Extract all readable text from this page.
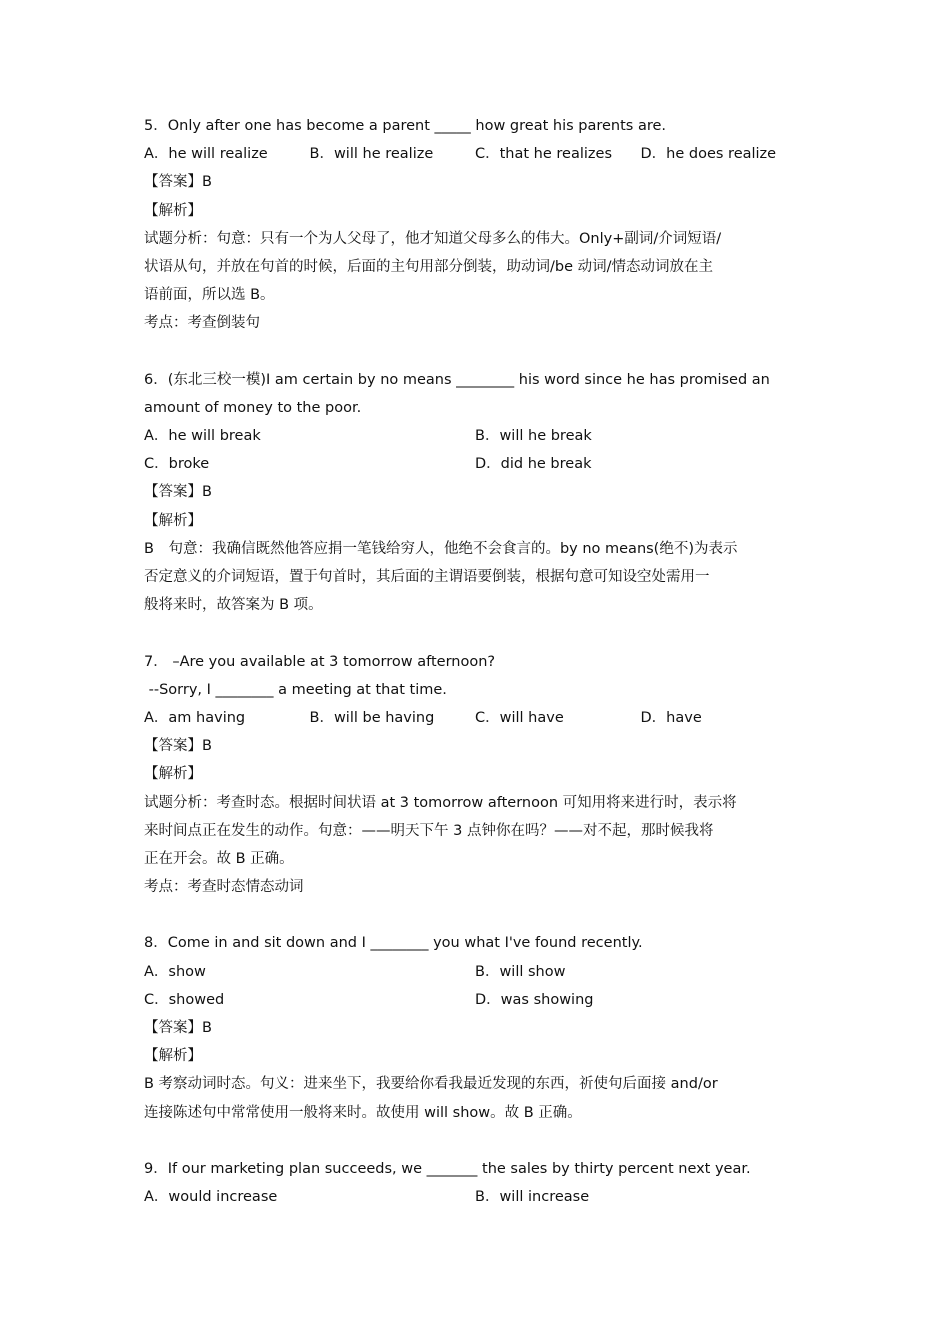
5．Only after one has become a parent _____ how great his parents are.
A．he will realize	B．will he realize	C．that he realizes	D．he does realize
【答案】B
【解析】
试题分析：句意：只有一个为人父母了，他才知道父母多么的伟大。Only+副词/介词短语/
状语从句，并放在句首的时候，后面的主句用部分倒装，助动词/be 动词/情态动词放在主
语前面，所以选 B。
考点：考查倒装句
6．(东北三校一模)I am certain by no means ________ his word since he has promised an
amount of money to the poor.
A．he will break	B．will he break
C．broke	D．did he break
【答案】B
【解析】
B　句意：我确信既然他答应捐一笔钱给穷人，他绝不会食言的。by no means(绝不)为表示
否定意义的介词短语，置于句首时，其后面的主谓语要倒装，根据句意可知设空处需用一
般将来时，故答案为 B 项。
7． –Are you available at 3 tomorrow afternoon?
--Sorry, I ________ a meeting at that time.
A．am having	B．will be having	C．will have	D．have
【答案】B
【解析】
试题分析：考查时态。根据时间状语 at 3 tomorrow afternoon 可知用将来进行时，表示将
来时间点正在发生的动作。句意：——明天下午 3 点钟你在吗？——对不起，那时候我将
正在开会。故 B 正确。
考点：考查时态情态动词
8．Come in and sit down and I ________ you what I've found recently.
A．show	B．will show
C．showed	D．was showing
【答案】B
【解析】
B 考察动词时态。句义：进来坐下，我要给你看我最近发现的东西，祈使句后面接 and/or
连接陈述句中常常使用一般将来时。故使用 will show。故 B 正确。
9．If our marketing plan succeeds, we _______ the sales by thirty percent next year.
A．would increase	B．will increase
